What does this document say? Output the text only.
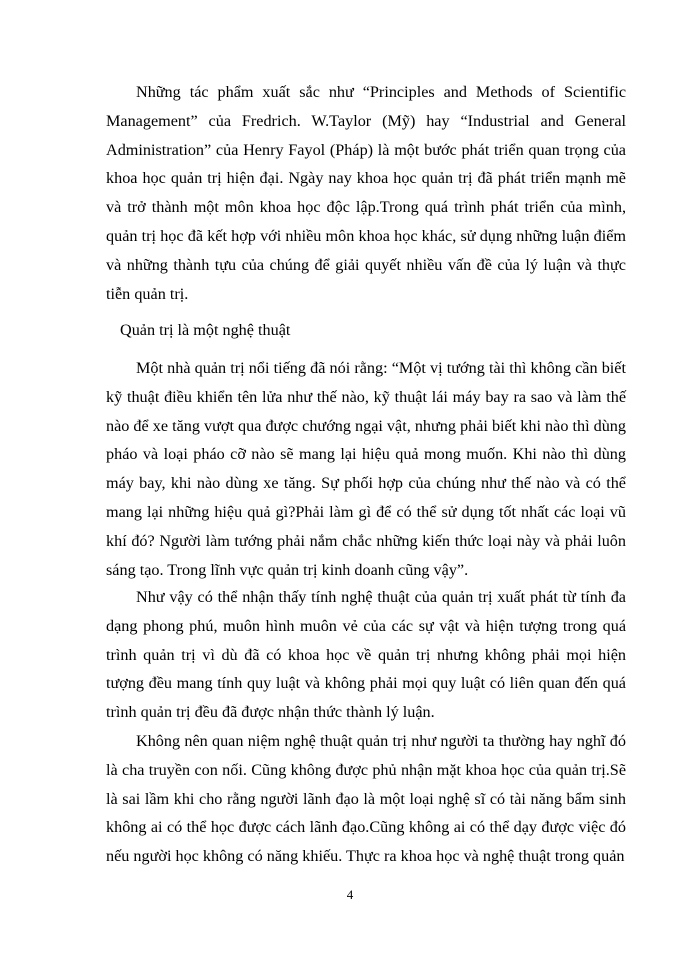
Những tác phẩm xuất sắc như “Principles and Methods of Scientific Management” của Fredrich. W.Taylor (Mỹ) hay “Industrial and General Administration” của Henry Fayol (Pháp) là một bước phát triển quan trọng của khoa học quản trị hiện đại. Ngày nay khoa học quản trị đã phát triển mạnh mẽ và trở thành một môn khoa học độc lập.Trong quá trình phát triển của mình, quản trị học đã kết hợp với nhiều môn khoa học khác, sử dụng những luận điểm và những thành tựu của chúng để giải quyết nhiều vấn đề của lý luận và thực tiễn quản trị.

Quản trị là một nghệ thuật

Một nhà quản trị nổi tiếng đã nói rằng: “Một vị tướng tài thì không cần biết kỹ thuật điều khiển tên lửa như thế nào, kỹ thuật lái máy bay ra sao và làm thế nào để xe tăng vượt qua được chướng ngại vật, nhưng phải biết khi nào thì dùng pháo và loại pháo cỡ nào sẽ mang lại hiệu quả mong muốn. Khi nào thì dùng máy bay, khi nào dùng xe tăng. Sự phối hợp của chúng như thế nào và có thể mang lại những hiệu quả gì?Phải làm gì để có thể sử dụng tốt nhất các loại vũ khí đó? Người làm tướng phải nắm chắc những kiến thức loại này và phải luôn sáng tạo. Trong lĩnh vực quản trị kinh doanh cũng vậy”.

Như vậy có thể nhận thấy tính nghệ thuật của quản trị xuất phát từ tính đa dạng phong phú, muôn hình muôn vẻ của các sự vật và hiện tượng trong quá trình quản trị vì dù đã có khoa học về quản trị nhưng không phải mọi hiện tượng đều mang tính quy luật và không phải mọi quy luật có liên quan đến quá trình quản trị đều đã được nhận thức thành lý luận.

Không nên quan niệm nghệ thuật quản trị như người ta thường hay nghĩ đó là cha truyền con nối. Cũng không được phủ nhận mặt khoa học của quản trị.Sẽ là sai lầm khi cho rằng người lãnh đạo là một loại nghệ sĩ có tài năng bẩm sinh không ai có thể học được cách lãnh đạo.Cũng không ai có thể dạy được việc đó nếu người học không có năng khiếu. Thực ra khoa học và nghệ thuật trong quản

4
